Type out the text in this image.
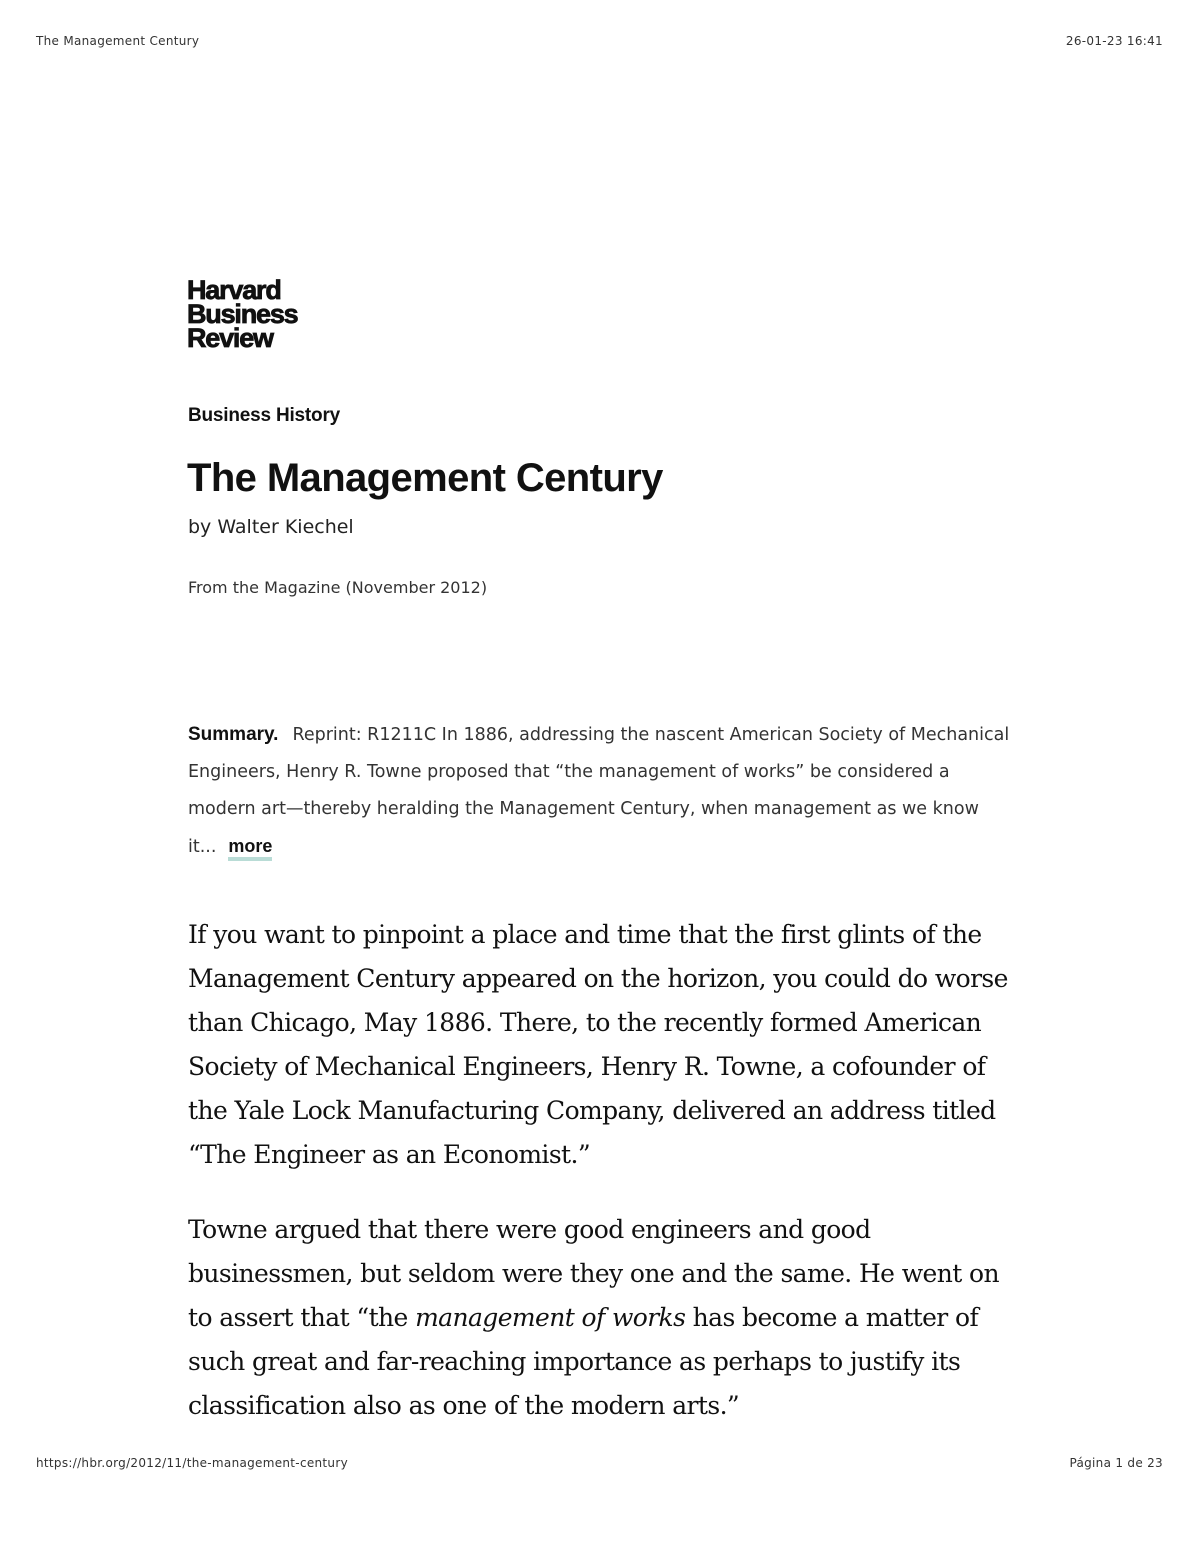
The Management Century	26-01-23 16:41
Harvard
Business
Review
Business History
The Management Century
by Walter Kiechel
From the Magazine (November 2012)
Summary. Reprint: R1211C In 1886, addressing the nascent American Society of Mechanical Engineers, Henry R. Towne proposed that “the management of works” be considered a modern art—thereby heralding the Management Century, when management as we know it... more

If you want to pinpoint a place and time that the first glints of the Management Century appeared on the horizon, you could do worse than Chicago, May 1886. There, to the recently formed American Society of Mechanical Engineers, Henry R. Towne, a cofounder of the Yale Lock Manufacturing Company, delivered an address titled “The Engineer as an Economist.”

Towne argued that there were good engineers and good businessmen, but seldom were they one and the same. He went on to assert that “the management of works has become a matter of such great and far-reaching importance as perhaps to justify its classification also as one of the modern arts.”

https://hbr.org/2012/11/the-management-century	Página 1 de 23
